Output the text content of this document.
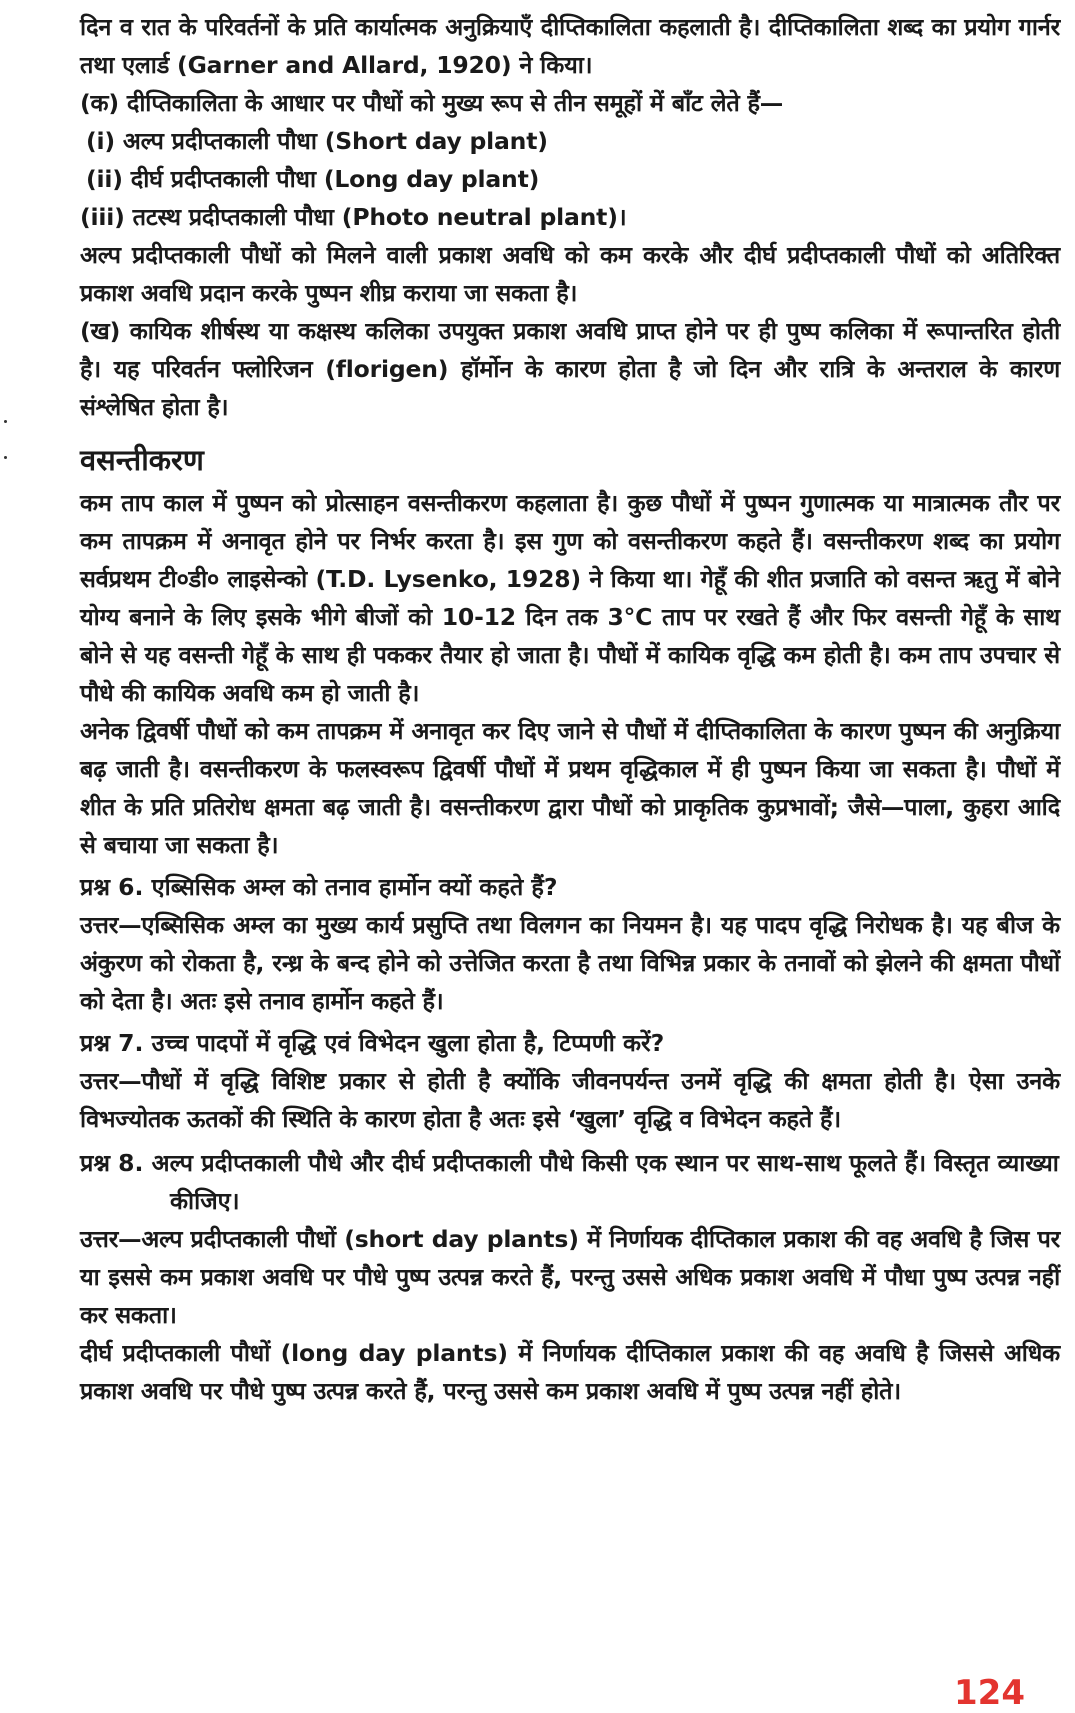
दिन व रात के परिवर्तनों के प्रति कार्यात्मक अनुक्रियाएँ दीप्तिकालिता कहलाती है। दीप्तिकालिता शब्द का प्रयोग गार्नर तथा एलार्ड (Garner and Allard, 1920) ने किया।

(क) दीप्तिकालिता के आधार पर पौधों को मुख्य रूप से तीन समूहों में बाँट लेते हैं—

(i) अल्प प्रदीप्तकाली पौधा (Short day plant)

(ii) दीर्घ प्रदीप्तकाली पौधा (Long day plant)

(iii) तटस्थ प्रदीप्तकाली पौधा (Photo neutral plant)।

अल्प प्रदीप्तकाली पौधों को मिलने वाली प्रकाश अवधि को कम करके और दीर्घ प्रदीप्तकाली पौधों को अतिरिक्त प्रकाश अवधि प्रदान करके पुष्पन शीघ्र कराया जा सकता है।

(ख) कायिक शीर्षस्थ या कक्षस्थ कलिका उपयुक्त प्रकाश अवधि प्राप्त होने पर ही पुष्प कलिका में रूपान्तरित होती है। यह परिवर्तन फ्लोरिजन (florigen) हॉर्मोन के कारण होता है जो दिन और रात्रि के अन्तराल के कारण संश्लेषित होता है।

वसन्तीकरण

कम ताप काल में पुष्पन को प्रोत्साहन वसन्तीकरण कहलाता है। कुछ पौधों में पुष्पन गुणात्मक या मात्रात्मक तौर पर कम तापक्रम में अनावृत होने पर निर्भर करता है। इस गुण को वसन्तीकरण कहते हैं। वसन्तीकरण शब्द का प्रयोग सर्वप्रथम टी०डी० लाइसेन्को (T.D. Lysenko, 1928) ने किया था। गेहूँ की शीत प्रजाति को वसन्त ऋतु में बोने योग्य बनाने के लिए इसके भीगे बीजों को 10-12 दिन तक 3°C ताप पर रखते हैं और फिर वसन्ती गेहूँ के साथ बोने से यह वसन्ती गेहूँ के साथ ही पककर तैयार हो जाता है। पौधों में कायिक वृद्धि कम होती है। कम ताप उपचार से पौधे की कायिक अवधि कम हो जाती है।

अनेक द्विवर्षी पौधों को कम तापक्रम में अनावृत कर दिए जाने से पौधों में दीप्तिकालिता के कारण पुष्पन की अनुक्रिया बढ़ जाती है। वसन्तीकरण के फलस्वरूप द्विवर्षी पौधों में प्रथम वृद्धिकाल में ही पुष्पन किया जा सकता है। पौधों में शीत के प्रति प्रतिरोध क्षमता बढ़ जाती है। वसन्तीकरण द्वारा पौधों को प्राकृतिक कुप्रभावों; जैसे—पाला, कुहरा आदि से बचाया जा सकता है।

प्रश्न 6. एब्सिसिक अम्ल को तनाव हार्मोन क्यों कहते हैं?

उत्तर—एब्सिसिक अम्ल का मुख्य कार्य प्रसुप्ति तथा विलगन का नियमन है। यह पादप वृद्धि निरोधक है। यह बीज के अंकुरण को रोकता है, रन्ध्र के बन्द होने को उत्तेजित करता है तथा विभिन्न प्रकार के तनावों को झेलने की क्षमता पौधों को देता है। अतः इसे तनाव हार्मोन कहते हैं।

प्रश्न 7. उच्च पादपों में वृद्धि एवं विभेदन खुला होता है, टिप्पणी करें?

उत्तर—पौधों में वृद्धि विशिष्ट प्रकार से होती है क्योंकि जीवनपर्यन्त उनमें वृद्धि की क्षमता होती है। ऐसा उनके विभज्योतक ऊतकों की स्थिति के कारण होता है अतः इसे ‘खुला’ वृद्धि व विभेदन कहते हैं।

प्रश्न 8. अल्प प्रदीप्तकाली पौधे और दीर्घ प्रदीप्तकाली पौधे किसी एक स्थान पर साथ-साथ फूलते हैं। विस्तृत व्याख्या कीजिए।

उत्तर—अल्प प्रदीप्तकाली पौधों (short day plants) में निर्णायक दीप्तिकाल प्रकाश की वह अवधि है जिस पर या इससे कम प्रकाश अवधि पर पौधे पुष्प उत्पन्न करते हैं, परन्तु उससे अधिक प्रकाश अवधि में पौधा पुष्प उत्पन्न नहीं कर सकता।

दीर्घ प्रदीप्तकाली पौधों (long day plants) में निर्णायक दीप्तिकाल प्रकाश की वह अवधि है जिससे अधिक प्रकाश अवधि पर पौधे पुष्प उत्पन्न करते हैं, परन्तु उससे कम प्रकाश अवधि में पुष्प उत्पन्न नहीं होते।

124
